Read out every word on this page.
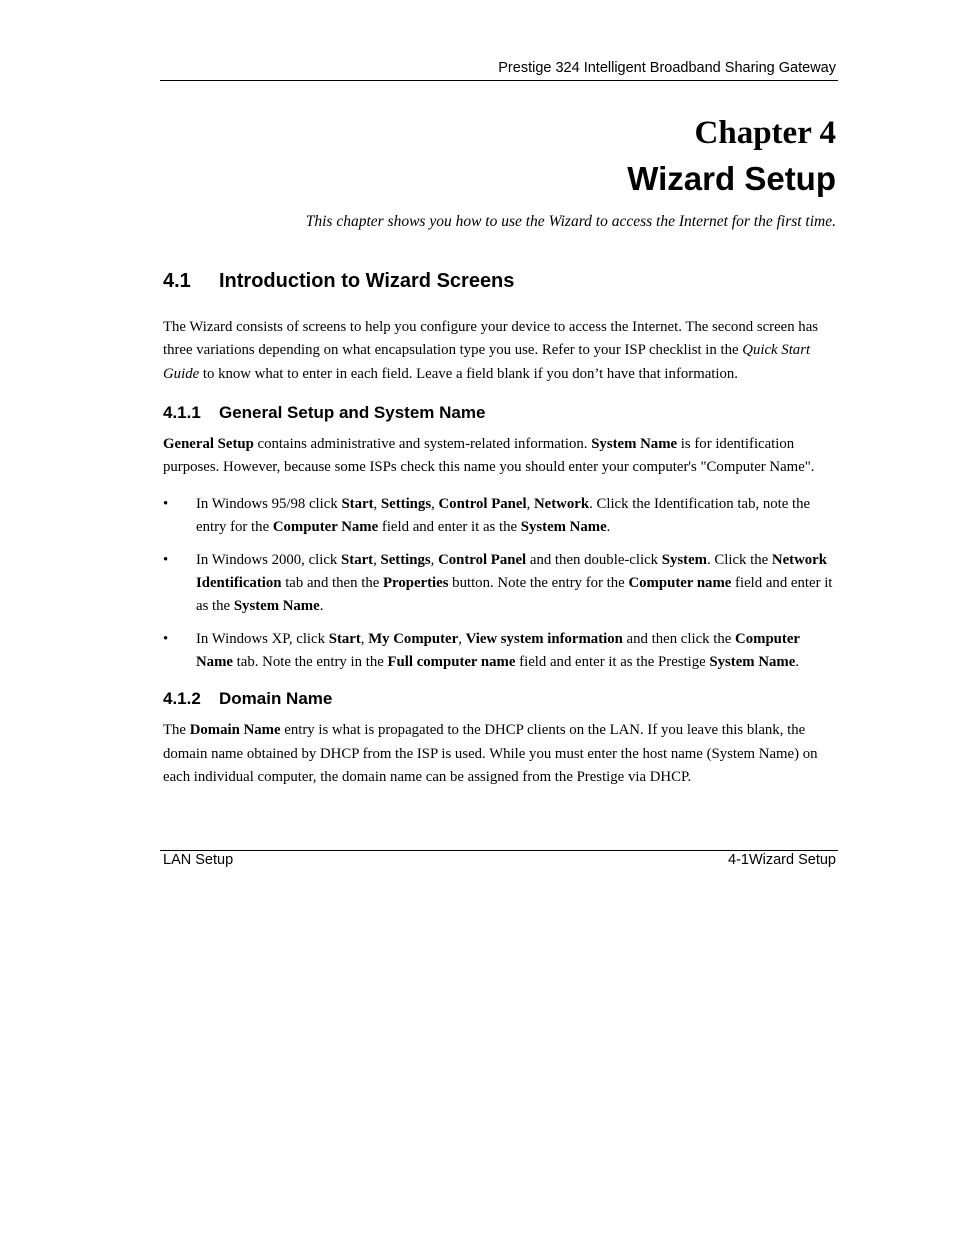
Prestige 324 Intelligent Broadband Sharing Gateway
Chapter 4
Wizard Setup
This chapter shows you how to use the Wizard to access the Internet for the first time.
4.1 Introduction to Wizard Screens

The Wizard consists of screens to help you configure your device to access the Internet. The second screen has three variations depending on what encapsulation type you use. Refer to your ISP checklist in the Quick Start Guide to know what to enter in each field. Leave a field blank if you don’t have that information.

4.1.1 General Setup and System Name

General Setup contains administrative and system-related information. System Name is for identification purposes. However, because some ISPs check this name you should enter your computer's "Computer Name".

• In Windows 95/98 click Start, Settings, Control Panel, Network. Click the Identification tab, note the entry for the Computer Name field and enter it as the System Name.
• In Windows 2000, click Start, Settings, Control Panel and then double-click System. Click the Network Identification tab and then the Properties button. Note the entry for the Computer name field and enter it as the System Name.
• In Windows XP, click Start, My Computer, View system information and then click the Computer Name tab. Note the entry in the Full computer name field and enter it as the Prestige System Name.
4.1.2 Domain Name

The Domain Name entry is what is propagated to the DHCP clients on the LAN. If you leave this blank, the domain name obtained by DHCP from the ISP is used. While you must enter the host name (System Name) on each individual computer, the domain name can be assigned from the Prestige via DHCP.

LAN Setup	4-1Wizard Setup
